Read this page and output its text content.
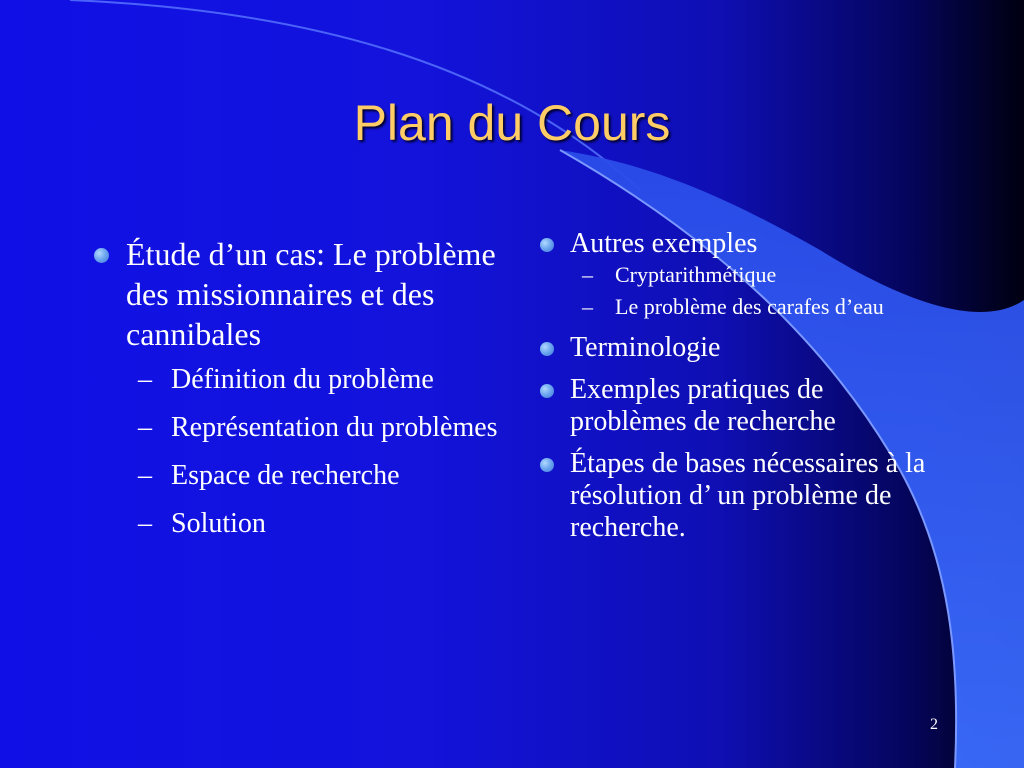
Plan du Cours
Étude d’un cas: Le problème des missionnaires et des cannibales
– Définition du problème
– Représentation du problèmes
– Espace de recherche
– Solution
Autres exemples
– Cryptarithmétique
– Le problème des carafes d’eau
Terminologie
Exemples pratiques de problèmes de recherche
Étapes de bases nécessaires à la résolution d’ un problème de recherche.
2
